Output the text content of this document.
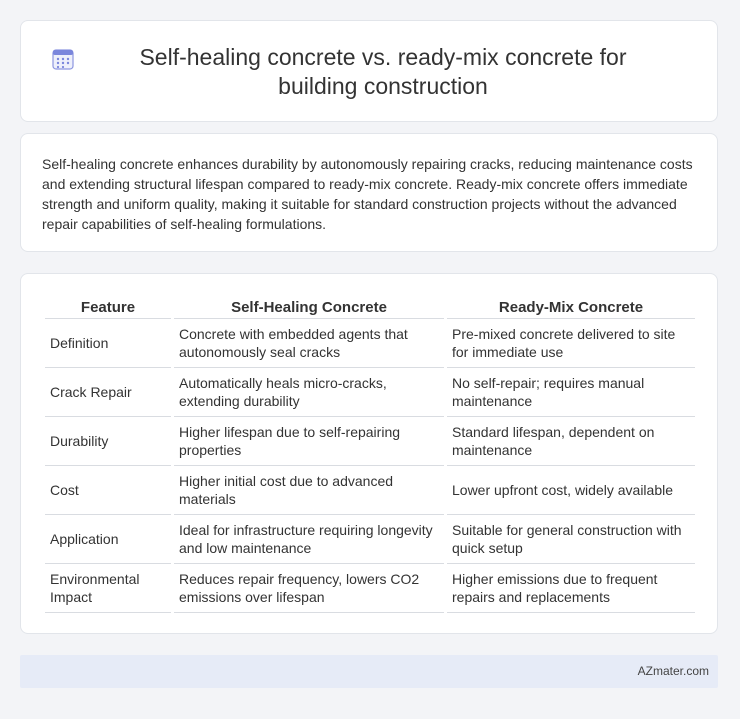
Self-healing concrete vs. ready-mix concrete for building construction

Self-healing concrete enhances durability by autonomously repairing cracks, reducing maintenance costs and extending structural lifespan compared to ready-mix concrete. Ready-mix concrete offers immediate strength and uniform quality, making it suitable for standard construction projects without the advanced repair capabilities of self-healing formulations.

Feature	Self-Healing Concrete	Ready-Mix Concrete
Definition	Concrete with embedded agents that autonomously seal cracks	Pre-mixed concrete delivered to site for immediate use
Crack Repair	Automatically heals micro-cracks, extending durability	No self-repair; requires manual maintenance
Durability	Higher lifespan due to self-repairing properties	Standard lifespan, dependent on maintenance
Cost	Higher initial cost due to advanced materials	Lower upfront cost, widely available
Application	Ideal for infrastructure requiring longevity and low maintenance	Suitable for general construction with quick setup
Environmental Impact	Reduces repair frequency, lowers CO2 emissions over lifespan	Higher emissions due to frequent repairs and replacements
AZmater.com
